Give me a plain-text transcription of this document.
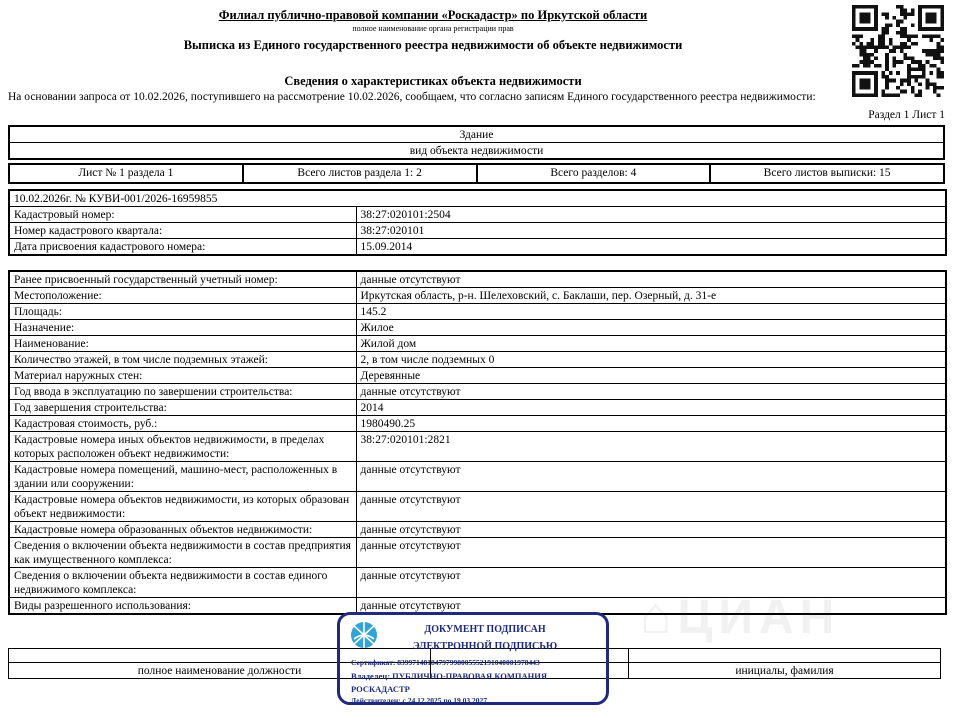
⌂ЦИАН
Филиал публично-правовой компании «Роскадастр» по Иркутской области
полное наименование органа регистрации прав
Выписка из Единого государственного реестра недвижимости об объекте недвижимости
Сведения о характеристиках объекта недвижимости
На основании запроса от 10.02.2026, поступившего на рассмотрение 10.02.2026, сообщаем, что согласно записям Единого государственного реестра недвижимости:
Раздел 1 Лист 1
Здание
вид объекта недвижимости
Лист № 1 раздела 1	Всего листов раздела 1: 2	Всего разделов: 4	Всего листов выписки: 15
10.02.2026г. № КУВИ-001/2026-16959855	
Кадастровый номер:	38:27:020101:2504
Номер кадастрового квартала:	38:27:020101
Дата присвоения кадастрового номера:	15.09.2014
Ранее присвоенный государственный учетный номер:	данные отсутствуют
Местоположение:	Иркутская область, р-н. Шелеховский, с. Баклаши, пер. Озерный, д. 31-е
Площадь:	145.2
Назначение:	Жилое
Наименование:	Жилой дом
Количество этажей, в том числе подземных этажей:	2, в том числе подземных 0
Материал наружных стен:	Деревянные
Год ввода в эксплуатацию по завершении строительства:	данные отсутствуют
Год завершения строительства:	2014
Кадастровая стоимость, руб.:	1980490.25
Кадастровые номера иных объектов недвижимости, в пределах которых расположен объект недвижимости:	38:27:020101:2821
Кадастровые номера помещений, машино-мест, расположенных в здании или сооружении:	данные отсутствуют
Кадастровые номера объектов недвижимости, из которых образован объект недвижимости:	данные отсутствуют
Кадастровые номера образованных объектов недвижимости:	данные отсутствуют
Сведения о включении объекта недвижимости в состав предприятия как имущественного комплекса:	данные отсутствуют
Сведения о включении объекта недвижимости в состав единого недвижимого комплекса:	данные отсутствуют
Виды разрешенного использования:	данные отсутствуют

полное наименование должности		инициалы, фамилия
ДОКУМЕНТ ПОДПИСАН
ЭЛЕКТРОННОЙ ПОДПИСЬЮ
Сертификат: 83997148184797998005552191040001978443
Владелец: ПУБЛИЧНО-ПРАВОВАЯ КОМПАНИЯ
РОСКАДАСТР
Действителен: с 24.12.2025 по 19.03.2027
